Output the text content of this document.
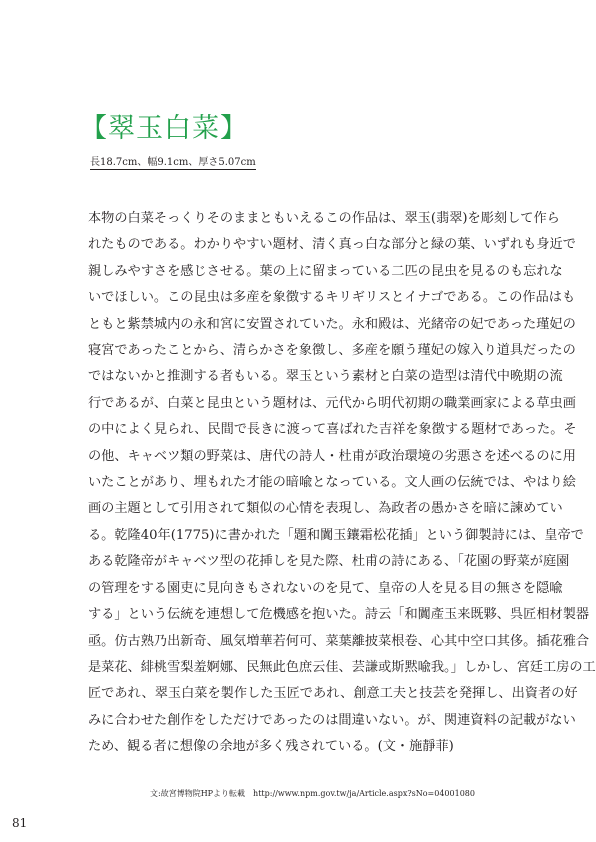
【翠玉白菜】
長18.7cm、幅9.1cm、厚さ5.07cm
本物の白菜そっくりそのままともいえるこの作品は、翠玉(翡翠)を彫刻して作ら
れたものである。わかりやすい題材、清く真っ白な部分と緑の葉、いずれも身近で
親しみやすさを感じさせる。葉の上に留まっている二匹の昆虫を見るのも忘れな
いでほしい。この昆虫は多産を象徴するキリギリスとイナゴである。この作品はも
ともと紫禁城内の永和宮に安置されていた。永和殿は、光緒帝の妃であった瑾妃の
寝宮であったことから、清らかさを象徴し、多産を願う瑾妃の嫁入り道具だったの
ではないかと推測する者もいる。翠玉という素材と白菜の造型は清代中晩期の流
行であるが、白菜と昆虫という題材は、元代から明代初期の職業画家による草虫画
の中によく見られ、民間で長きに渡って喜ばれた吉祥を象徴する題材であった。そ
の他、キャベツ類の野菜は、唐代の詩人・杜甫が政治環境の劣悪さを述べるのに用
いたことがあり、埋もれた才能の暗喩となっている。文人画の伝統では、やはり絵
画の主題として引用されて類似の心情を表現し、為政者の愚かさを暗に諫めてい
る。乾隆40年(1775)に書かれた「題和闐玉鑲霜松花插」という御製詩には、皇帝で
ある乾隆帝がキャベツ型の花挿しを見た際、杜甫の詩にある、「花園の野菜が庭園
の管理をする園吏に見向きもされないのを見て、皇帝の人を見る目の無さを隠喩
する」という伝統を連想して危機感を抱いた。詩云「和闐產玉来既夥、呉匠相材製器
亟。仿古熟乃出新奇、風気増華若何可、菜葉離披菜根卷、心其中空口其侈。插花雅合
是菜花、緋桃雪梨羞婀娜、民無此色庶云佳、芸謙或斯黙喩我。」しかし、宮廷工房の工
匠であれ、翠玉白菜を製作した玉匠であれ、創意工夫と技芸を発揮し、出資者の好
みに合わせた創作をしただけであったのは間違いない。が、関連資料の記載がない
ため、観る者に想像の余地が多く残されている。(文・施靜菲)
文:故宮博物院HPより転載　http://www.npm.gov.tw/ja/Article.aspx?sNo=04001080
81
